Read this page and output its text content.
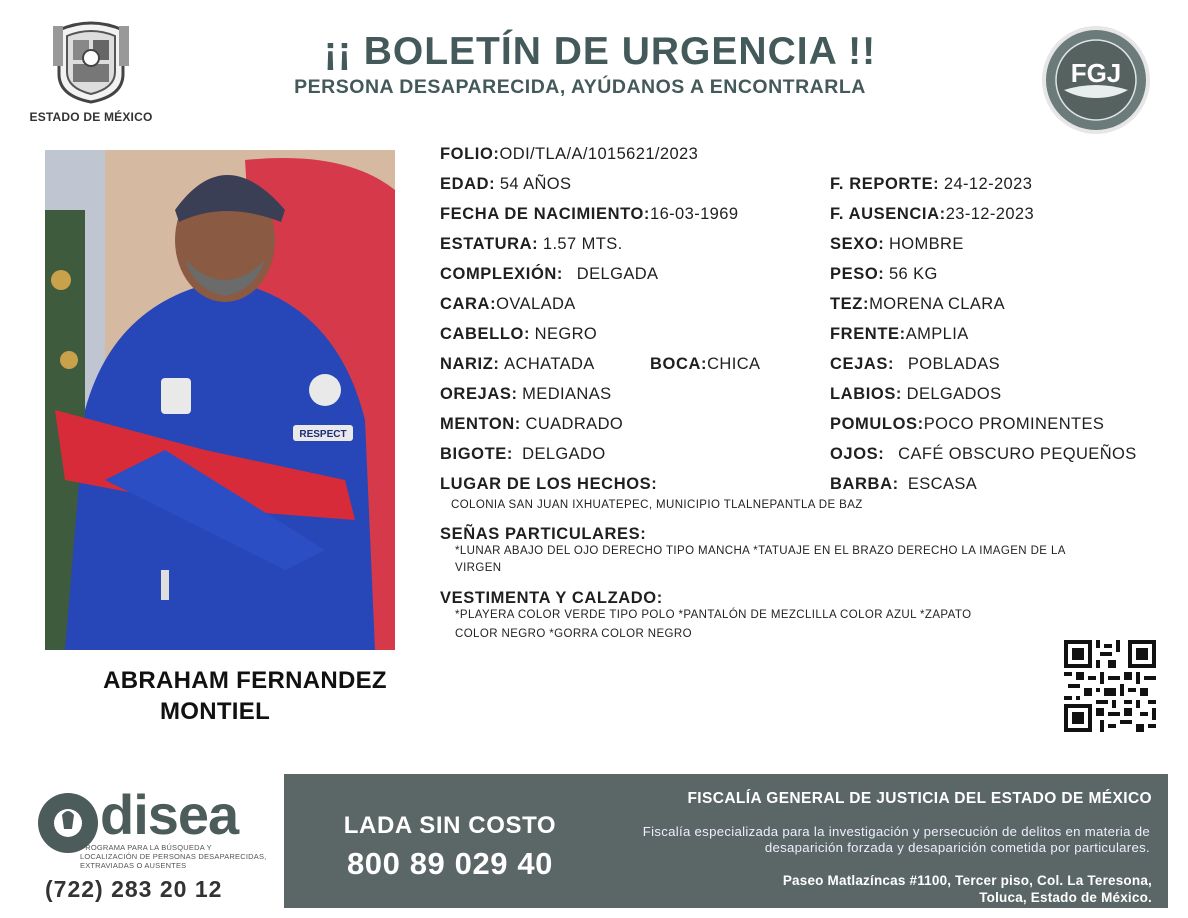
ESTADO DE MÉXICO
¡¡ BOLETÍN DE URGENCIA !!
PERSONA DESAPARECIDA, AYÚDANOS A ENCONTRARLA	FGJ
RESPECT
ABRAHAM FERNANDEZ
MONTIEL
FOLIO:ODI/TLA/A/1015621/2023
EDAD: 54 AÑOS
FECHA DE NACIMIENTO:16-03-1969
ESTATURA: 1.57 MTS.
COMPLEXIÓN: DELGADA
CARA:OVALADA
CABELLO: NEGRO
NARIZ: ACHATADA	BOCA:CHICA
OREJAS: MEDIANAS
MENTON: CUADRADO
BIGOTE: DELGADO
LUGAR DE LOS HECHOS:
COLONIA SAN JUAN IXHUATEPEC, MUNICIPIO TLALNEPANTLA DE BAZ
F. REPORTE: 24-12-2023
F. AUSENCIA:23-12-2023
SEXO: HOMBRE
PESO: 56 KG
TEZ:MORENA CLARA
FRENTE:AMPLIA
CEJAS: POBLADAS
LABIOS: DELGADOS
POMULOS:POCO PROMINENTES
OJOS: CAFÉ OBSCURO PEQUEÑOS
BARBA: ESCASA
SEÑAS PARTICULARES:
*LUNAR ABAJO DEL OJO DERECHO TIPO MANCHA *TATUAJE EN EL BRAZO DERECHO LA IMAGEN DE LA
VIRGEN
VESTIMENTA Y CALZADO:
*PLAYERA COLOR VERDE TIPO POLO *PANTALÓN DE MEZCLILLA COLOR AZUL *ZAPATO
COLOR NEGRO *GORRA COLOR NEGRO
disea
PROGRAMA PARA LA BÚSQUEDA Y LOCALIZACIÓN DE PERSONAS DESAPARECIDAS, EXTRAVIADAS O AUSENTES
(722) 283 20 12
LADA SIN COSTO
800 89 029 40
FISCALÍA GENERAL DE JUSTICIA DEL ESTADO DE MÉXICO
Fiscalía especializada para la investigación y persecución de delitos en materia de desaparición forzada y desaparición cometida por particulares.
Paseo Matlazíncas #1100, Tercer piso, Col. La Teresona,
Toluca, Estado de México.
